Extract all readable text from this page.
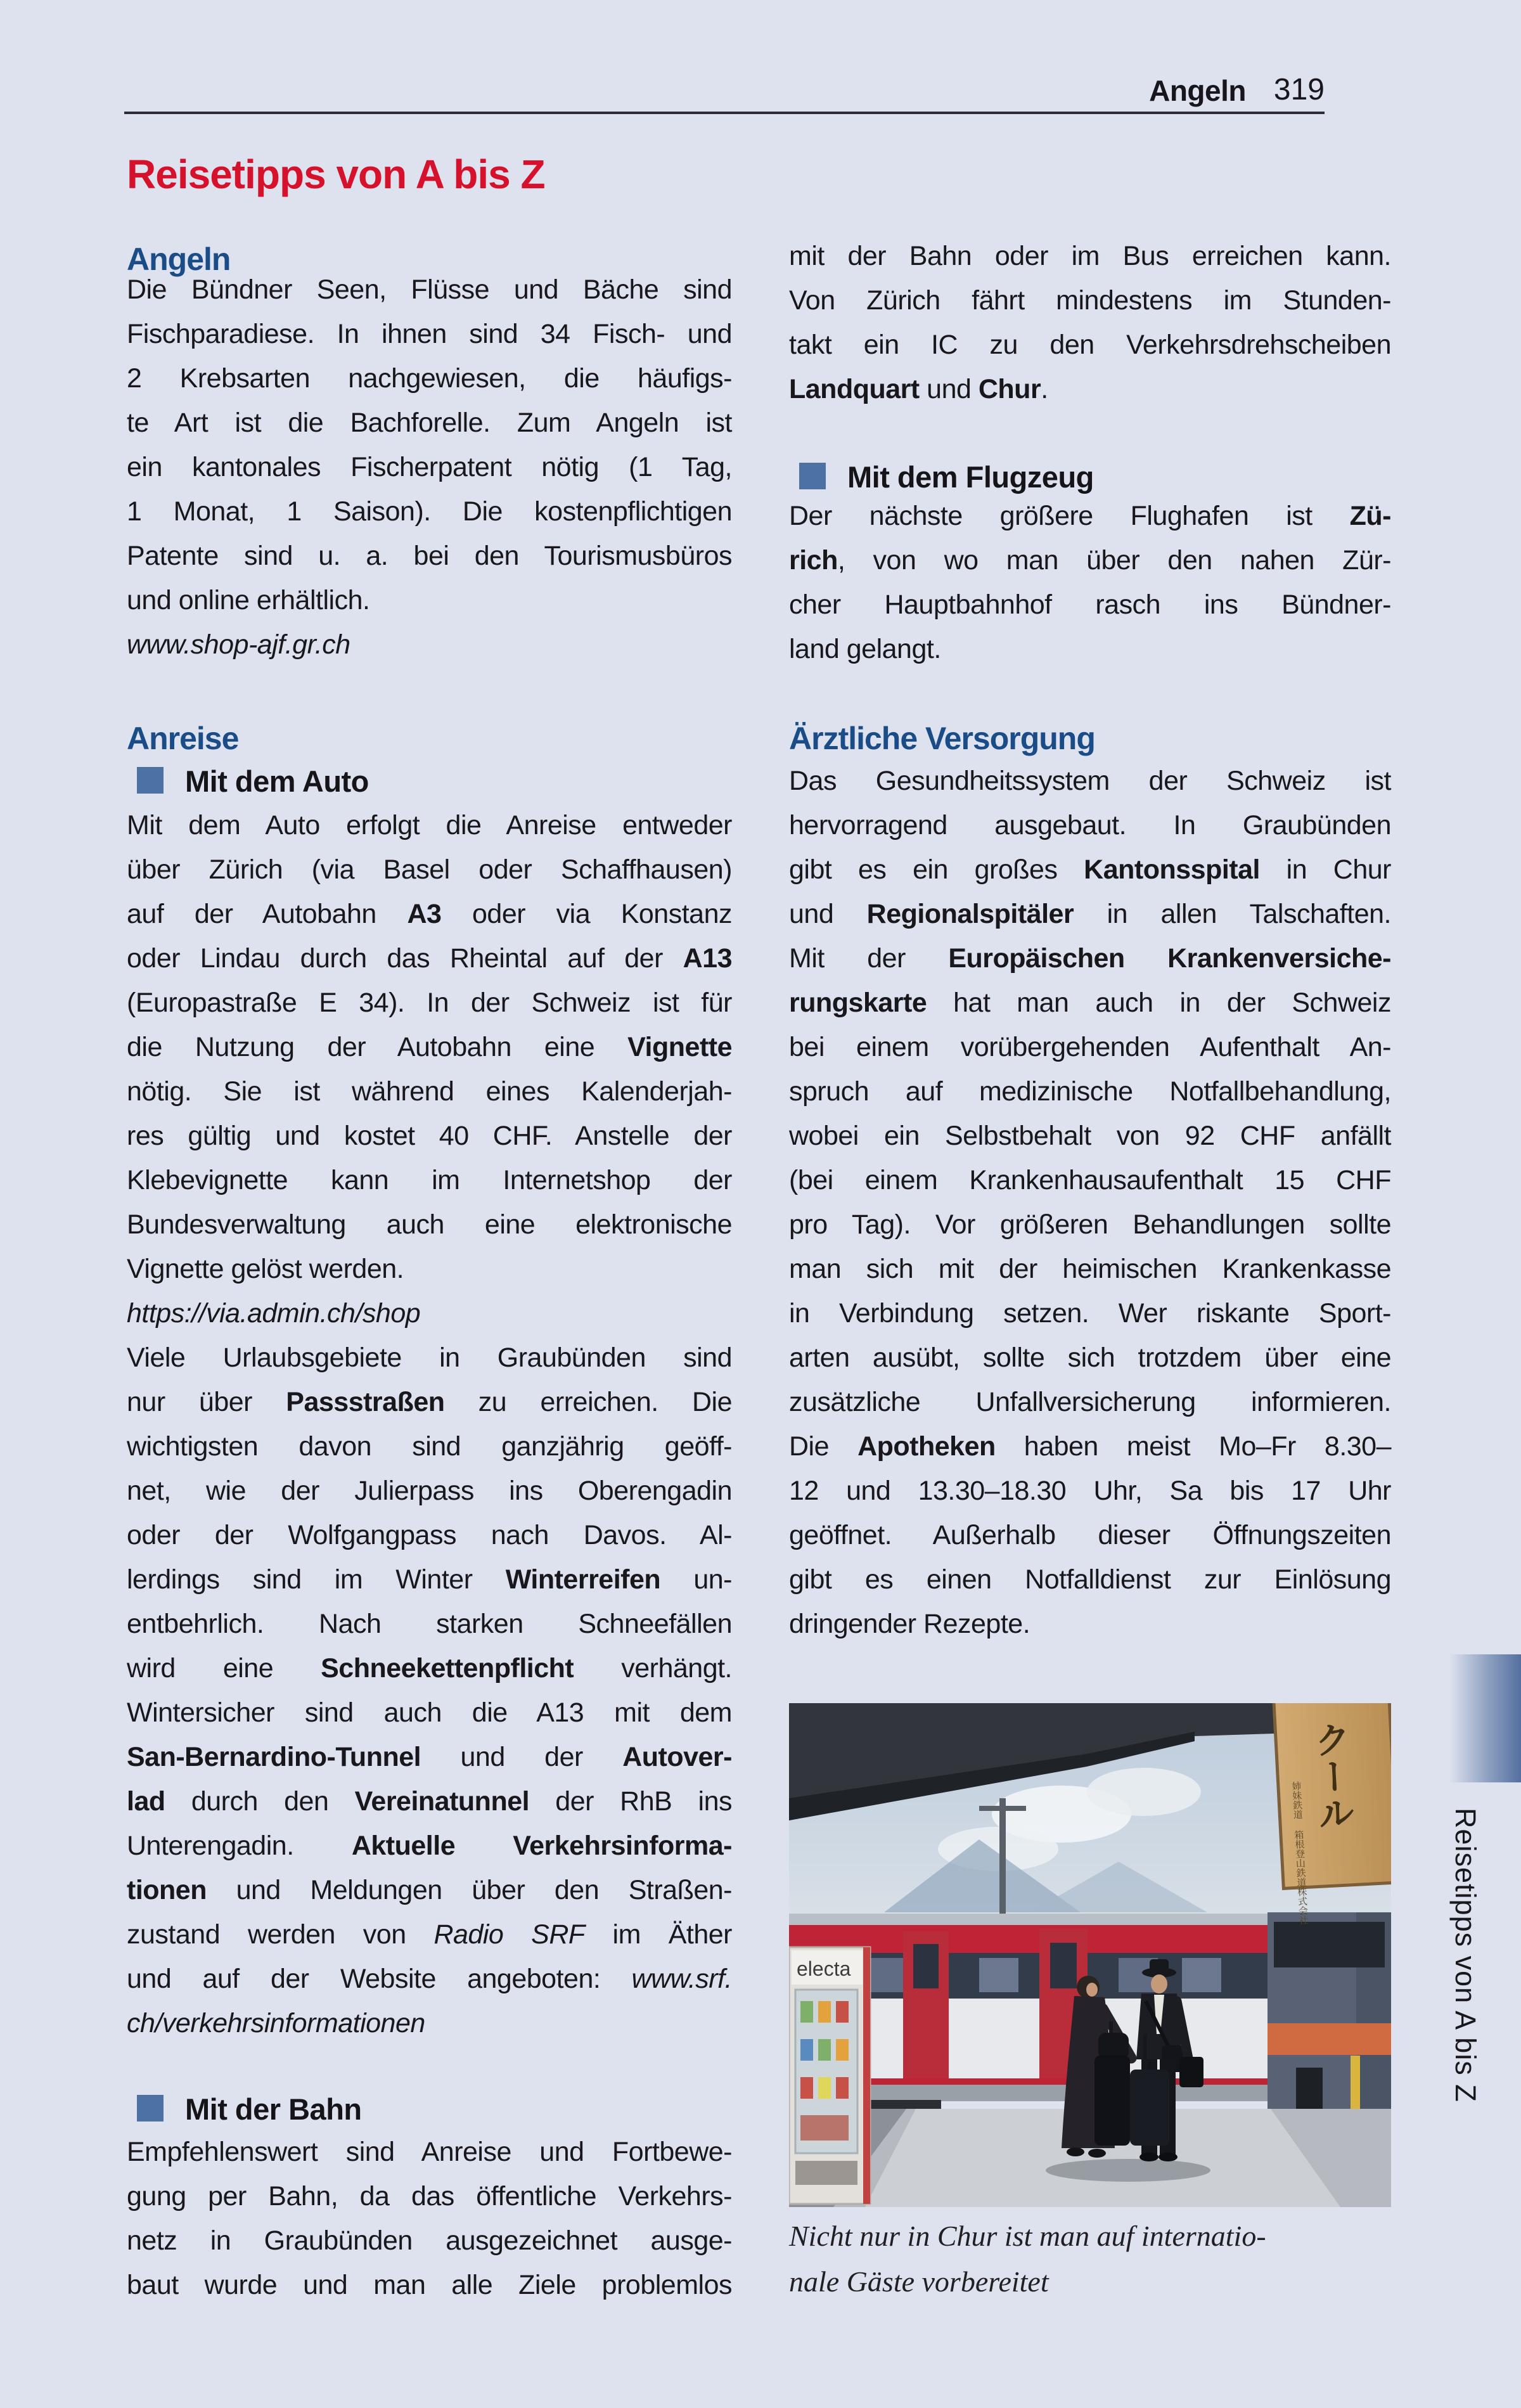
Angeln 319
Reisetipps von A bis Z
Angeln
Die Bündner Seen, Flüsse und Bäche sind
Fischparadiese. In ihnen sind 34 Fisch- und
2 Krebsarten nachgewiesen, die häufigs-
te Art ist die Bachforelle. Zum Angeln ist
ein kantonales Fischerpatent nötig (1 Tag,
1 Monat, 1 Saison). Die kostenpflichtigen
Patente sind u. a. bei den Tourismusbüros
und online erhältlich.
www.shop-ajf.gr.ch
Anreise
Mit dem Auto
Mit dem Auto erfolgt die Anreise entweder
über Zürich (via Basel oder Schaffhausen)
auf der Autobahn A3 oder via Konstanz
oder Lindau durch das Rheintal auf der A13
(Europastraße E 34). In der Schweiz ist für
die Nutzung der Autobahn eine Vignette
nötig. Sie ist während eines Kalenderjah-
res gültig und kostet 40 CHF. Anstelle der
Klebevignette kann im Internetshop der
Bundesverwaltung auch eine elektronische
Vignette gelöst werden.
https://via.admin.ch/shop
Viele Urlaubsgebiete in Graubünden sind
nur über Passstraßen zu erreichen. Die
wichtigsten davon sind ganzjährig geöff-
net, wie der Julierpass ins Oberengadin
oder der Wolfgangpass nach Davos. Al-
lerdings sind im Winter Winterreifen un-
entbehrlich. Nach starken Schneefällen
wird eine Schneekettenpflicht verhängt.
Wintersicher sind auch die A13 mit dem
San-Bernardino-Tunnel und der Autover-
lad durch den Vereinatunnel der RhB ins
Unterengadin. Aktuelle Verkehrsinforma-
tionen und Meldungen über den Straßen-
zustand werden von Radio SRF im Äther
und auf der Website angeboten: www.srf.
ch/verkehrsinformationen
Mit der Bahn
Empfehlenswert sind Anreise und Fortbewe-
gung per Bahn, da das öffentliche Verkehrs-
netz in Graubünden ausgezeichnet ausge-
baut wurde und man alle Ziele problemlos
mit der Bahn oder im Bus erreichen kann.
Von Zürich fährt mindestens im Stunden-
takt ein IC zu den Verkehrsdrehscheiben
Landquart und Chur.
Mit dem Flugzeug
Der nächste größere Flughafen ist Zü-
rich, von wo man über den nahen Zür-
cher Hauptbahnhof rasch ins Bündner-
land gelangt.
Ärztliche Versorgung
Das Gesundheitssystem der Schweiz ist
hervorragend ausgebaut. In Graubünden
gibt es ein großes Kantonsspital in Chur
und Regionalspitäler in allen Talschaften.
Mit der Europäischen Krankenversiche-
rungskarte hat man auch in der Schweiz
bei einem vorübergehenden Aufenthalt An-
spruch auf medizinische Notfallbehandlung,
wobei ein Selbstbehalt von 92 CHF anfällt
(bei einem Krankenhausaufenthalt 15 CHF
pro Tag). Vor größeren Behandlungen sollte
man sich mit der heimischen Krankenkasse
in Verbindung setzen. Wer riskante Sport-
arten ausübt, sollte sich trotzdem über eine
zusätzliche Unfallversicherung informieren.
Die Apotheken haben meist Mo–Fr 8.30–
12 und 13.30–18.30 Uhr, Sa bis 17 Uhr
geöffnet. Außerhalb dieser Öffnungszeiten
gibt es einen Notfalldienst zur Einlösung
dringender Rezepte.
electa
クール
姉妹鉄道 箱根登山鉄道株式会社
Nicht nur in Chur ist man auf internatio-
nale Gäste vorbereitet
Reisetipps von A bis Z
